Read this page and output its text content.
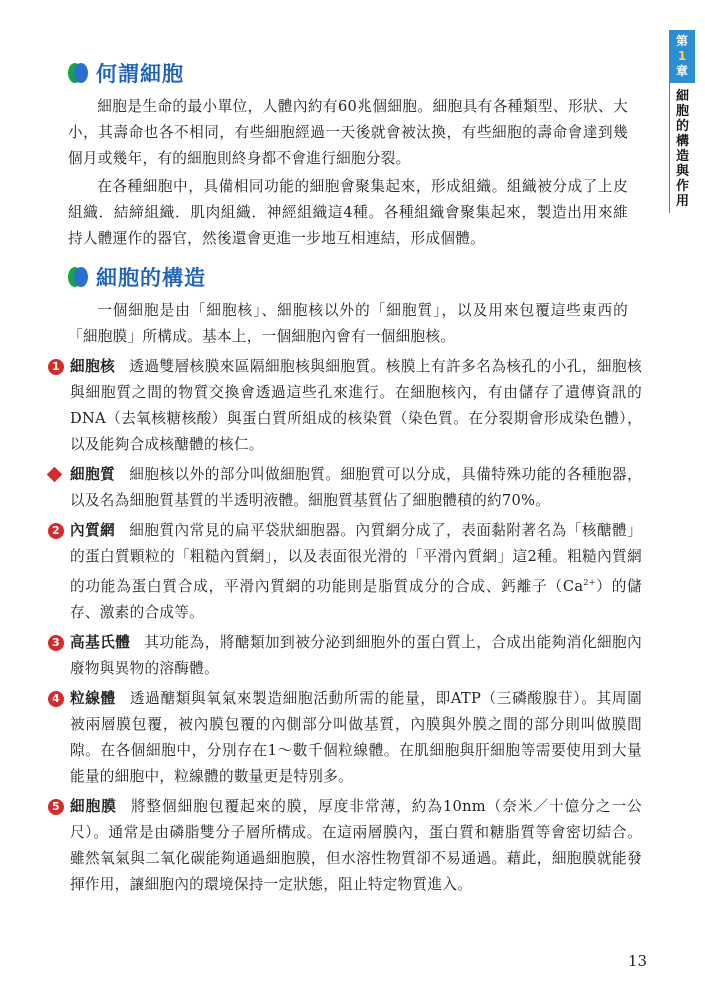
第
1
章
細
胞
的
構
造
與
作
用
何謂細胞

細胞是生命的最小單位，人體內約有60兆個細胞。細胞具有各種類型、形狀、大小，其壽命也各不相同，有些細胞經過一天後就會被汰換，有些細胞的壽命會達到幾個月或幾年，有的細胞則終身都不會進行細胞分裂。

在各種細胞中，具備相同功能的細胞會聚集起來，形成組織。組織被分成了上皮組織．結締組織．肌肉組織．神經組織這4種。各種組織會聚集起來，製造出用來維持人體運作的器官，然後還會更進一步地互相連結，形成個體。

細胞的構造

一個細胞是由「細胞核」、細胞核以外的「細胞質」，以及用來包覆這些東西的「細胞膜」所構成。基本上，一個細胞內會有一個細胞核。

1 細胞核 透過雙層核膜來區隔細胞核與細胞質。核膜上有許多名為核孔的小孔，細胞核與細胞質之間的物質交換會透過這些孔來進行。在細胞核內，有由儲存了遺傳資訊的DNA（去氧核糖核酸）與蛋白質所組成的核染質（染色質。在分裂期會形成染色體），以及能夠合成核醣體的核仁。
細胞質 細胞核以外的部分叫做細胞質。細胞質可以分成，具備特殊功能的各種胞器，以及名為細胞質基質的半透明液體。細胞質基質佔了細胞體積的約70%。
2 內質網 細胞質內常見的扁平袋狀細胞器。內質網分成了，表面黏附著名為「核醣體」的蛋白質顆粒的「粗糙內質網」，以及表面很光滑的「平滑內質網」這2種。粗糙內質網的功能為蛋白質合成，平滑內質網的功能則是脂質成分的合成、鈣離子$(Ca^{2+})$的儲存、激素的合成等。
3 高基氏體 其功能為，將醣類加到被分泌到細胞外的蛋白質上，合成出能夠消化細胞內廢物與異物的溶酶體。
4 粒線體 透過醣類與氧氣來製造細胞活動所需的能量，即ATP（三磷酸腺苷）。其周圍被兩層膜包覆，被內膜包覆的內側部分叫做基質，內膜與外膜之間的部分則叫做膜間隙。在各個細胞中，分別存在1～數千個粒線體。在肌細胞與肝細胞等需要使用到大量能量的細胞中，粒線體的數量更是特別多。
5 細胞膜 將整個細胞包覆起來的膜，厚度非常薄，約為10nm（奈米／十億分之一公尺）。通常是由磷脂雙分子層所構成。在這兩層膜內，蛋白質和糖脂質等會密切結合。雖然氧氣與二氧化碳能夠通過細胞膜，但水溶性物質卻不易通過。藉此，細胞膜就能發揮作用，讓細胞內的環境保持一定狀態，阻止特定物質進入。
13
